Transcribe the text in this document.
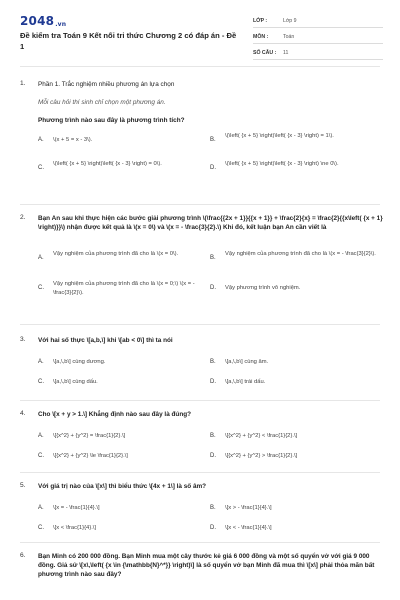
2048.vn
Đề kiểm tra Toán 9 Kết nối tri thức Chương 2 có đáp án - Đề 1
LỚP :	Lớp 9
MÔN :	Toán
SỐ CÂU :	11
1. Phần 1. Trắc nghiệm nhiều phương án lựa chọn
Mỗi câu hỏi thí sinh chỉ chọn một phương án.
Phương trình nào sau đây là phương trình tích?
A. \(x + 5 = x - 3\).	B.
\(\left( {x + 5} \right)\left( {x - 3} \right) = 1\).
C.
\(\left( {x + 5} \right)\left( {x - 3} \right) = 0\).
D.
\(\left( {x + 5} \right)\left( {x - 3} \right) \ne 0\).
2. Bạn An sau khi thực hiện các bước giải phương trình \(\frac{{2x + 1}}{{x + 1}} + \frac{2}{x} = \frac{2}{{x\left( {x + 1} \right)}}\) nhận được kết quả là \(x = 0\) và \(x = - \frac{3}{2}.\) Khi đó, kết luận bạn An cần viết là
A.
Vậy nghiệm của phương trình đã cho là \(x = 0\).
B.
Vậy nghiệm của phương trình đã cho là \(x = - \frac{3}{2}\).
C.
Vậy nghiệm của phương trình đã cho là \(x = 0;\) \(x = - \frac{3}{2}\).
D. Vậy phương trình vô nghiệm.
3. Với hai số thực \[a,b,\] khi \[ab < 0\] thì ta nói
A. \[a,\,b\] cùng dương.	B. \[a,\,b\] cùng âm.
C. \[a,\,b\] cùng dấu.	D. \[a,\,b\] trái dấu.
4. Cho \[x + y > 1.\] Khẳng định nào sau đây là đúng?
A. \[{x^2} + {y^2} = \frac{1}{2}.\]	B. \[{x^2} + {y^2} < \frac{1}{2}.\]
C. \[{x^2} + {y^2} \le \frac{1}{2}.\]	D. \[{x^2} + {y^2} > \frac{1}{2}.\]
5. Với giá trị nào của \[x\] thì biểu thức \[4x + 1\] là số âm?
A. \[x = - \frac{1}{4}.\]	B. \[x > - \frac{1}{4}.\]
C. \[x < \frac{1}{4}.\]	D. \[x < - \frac{1}{4}.\]
6. Bạn Minh có 200 000 đồng. Bạn Minh mua một cây thước kẻ giá 6 000 đồng và một số quyển vở với giá 9 000 đồng. Giả sử \[x\,\left( {x \in {\mathbb{N}^*}} \right)\] là số quyển vở bạn Minh đã mua thì \[x\] phải thỏa mãn bất phương trình nào sau đây?
